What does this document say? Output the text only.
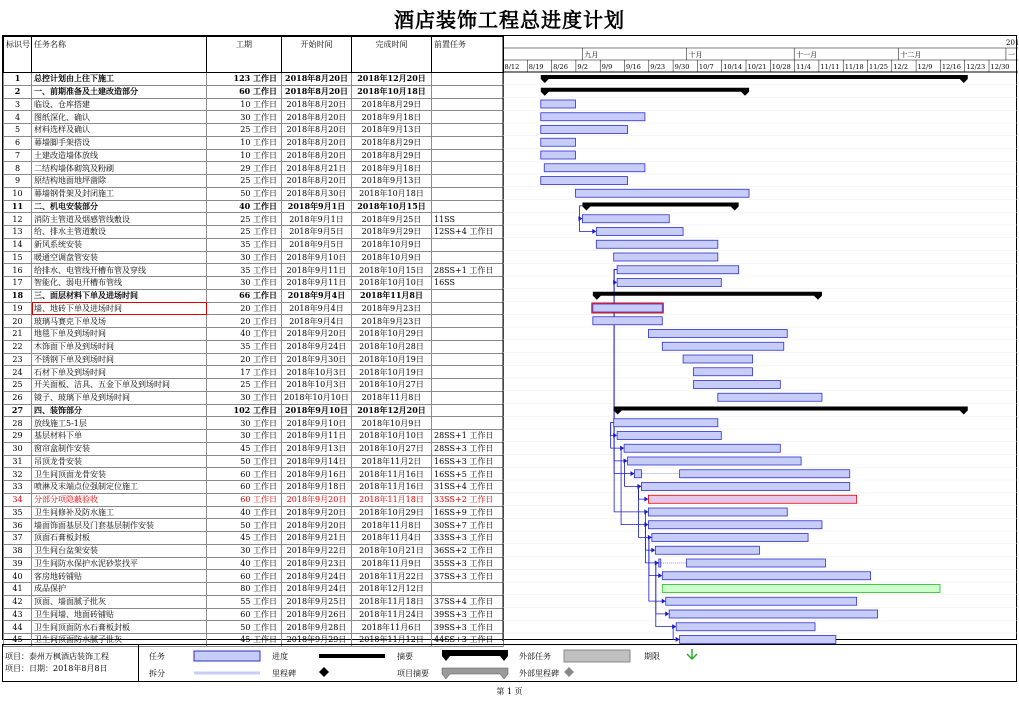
酒店装饰工程总进度计划
标识号	任务名称	工期	开始时间	完成时间	前置任务
1	总控计划由上往下施工	123 工作日	2018年8月20日	2018年12月20日	
2	一、前期准备及土建改造部分	60 工作日	2018年8月20日	2018年10月18日	
3	临设、仓库搭建	10 工作日	2018年8月20日	2018年8月29日	
4	图纸深化、确认	30 工作日	2018年8月20日	2018年9月18日	
5	材料选样及确认	25 工作日	2018年8月20日	2018年9月13日	
6	幕墙脚手架搭设	10 工作日	2018年8月20日	2018年8月29日	
7	土建改造墙体放线	10 工作日	2018年8月20日	2018年8月29日	
8	二结构墙体砌筑及粉刷	29 工作日	2018年8月21日	2018年9月18日	
9	原结构地面地坪凿除	25 工作日	2018年8月20日	2018年9月13日	
10	幕墙钢骨架及封闭施工	50 工作日	2018年8月30日	2018年10月18日	
11	二、机电安装部分	40 工作日	2018年9月1日	2018年10月15日	
12	消防主管道及烟感管线敷设	25 工作日	2018年9月1日	2018年9月25日	11SS
13	给、排水主管道敷设	25 工作日	2018年9月5日	2018年9月29日	12SS+4 工作日
14	新风系统安装	35 工作日	2018年9月5日	2018年10月9日	
15	暖通空调盘管安装	30 工作日	2018年9月10日	2018年10月9日	
16	给排水、电管线开槽布管及穿线	35 工作日	2018年9月11日	2018年10月15日	28SS+1 工作日
17	智能化、弱电开槽布管线	30 工作日	2018年9月11日	2018年10月10日	16SS
18	三、面层材料下单及进场时间	66 工作日	2018年9月4日	2018年11月8日	
19	墙、地砖下单及进场时间	20 工作日	2018年9月4日	2018年9月23日	
20	玻璃马赛克下单及场	20 工作日	2018年9月4日	2018年9月23日	
21	地毯下单及到场时间	40 工作日	2018年9月20日	2018年10月29日	
22	木饰面下单及到场时间	35 工作日	2018年9月24日	2018年10月28日	
23	不锈钢下单及到场时间	20 工作日	2018年9月30日	2018年10月19日	
24	石材下单及到场时间	17 工作日	2018年10月3日	2018年10月19日	
25	开关面板、洁具、五金下单及到场时间	25 工作日	2018年10月3日	2018年10月27日	
26	镜子、玻璃下单及到场时间	30 工作日	2018年10月10日	2018年11月8日	
27	四、装饰部分	102 工作日	2018年9月10日	2018年12月20日	
28	放线施工5-1层	30 工作日	2018年9月10日	2018年10月9日	
29	基层材料下单	30 工作日	2018年9月11日	2018年10月10日	28SS+1 工作日
30	窗帘盒制作安装	45 工作日	2018年9月13日	2018年10月27日	28SS+3 工作日
31	吊顶龙骨安装	50 工作日	2018年9月14日	2018年11月2日	16SS+3 工作日
32	卫生间顶面龙骨安装	60 工作日	2018年9月16日	2018年11月16日	16SS+5 工作日
33	喷淋及末端点位强制定位施工	60 工作日	2018年9月18日	2018年11月16日	31SS+4 工作日
34	分部分项隐蔽验收	60 工作日	2018年9月20日	2018年11月18日	33SS+2 工作日
35	卫生间修补及防水施工	40 工作日	2018年9月20日	2018年10月29日	16SS+9 工作日
36	墙面饰面基层及门套基层制作安装	50 工作日	2018年9月20日	2018年11月8日	30SS+7 工作日
37	顶面石膏板封板	45 工作日	2018年9月21日	2018年11月4日	33SS+3 工作日
38	卫生间台盆架安装	30 工作日	2018年9月22日	2018年10月21日	36SS+2 工作日
39	卫生间防水保护水泥砂浆找平	40 工作日	2018年9月23日	2018年11月9日	35SS+3 工作日
40	客房地砖铺贴	60 工作日	2018年9月24日	2018年11月22日	37SS+3 工作日
41	成品保护	80 工作日	2018年9月24日	2018年12月12日	
42	顶面、墙面腻子批灰	55 工作日	2018年9月25日	2018年11月18日	37SS+4 工作日
43	卫生间墙、地面砖铺贴	60 工作日	2018年9月26日	2018年11月24日	39SS+3 工作日
44	卫生间顶面防水石膏板封板	50 工作日	2018年9月28日	2018年11月6日	39SS+3 工作日
45	卫生间顶面防水腻子批灰	45 工作日	2018年9月29日	2018年11月12日	44SS+3 工作日
201
九月	十月	十一月	十二月	一
8/12 8/19 8/26 9/2 9/9 9/16 9/23 9/30 10/7 10/14 10/21 10/28 11/4 11/11 11/18 11/25 12/2 12/9 12/16 12/23 12/30
项目：泰州万枫酒店装饰工程
项目：日期：2018年8月8日
任务
拆分
进度
里程碑
摘要
项目摘要
外部任务
外部里程碑
期限
第 1 页
